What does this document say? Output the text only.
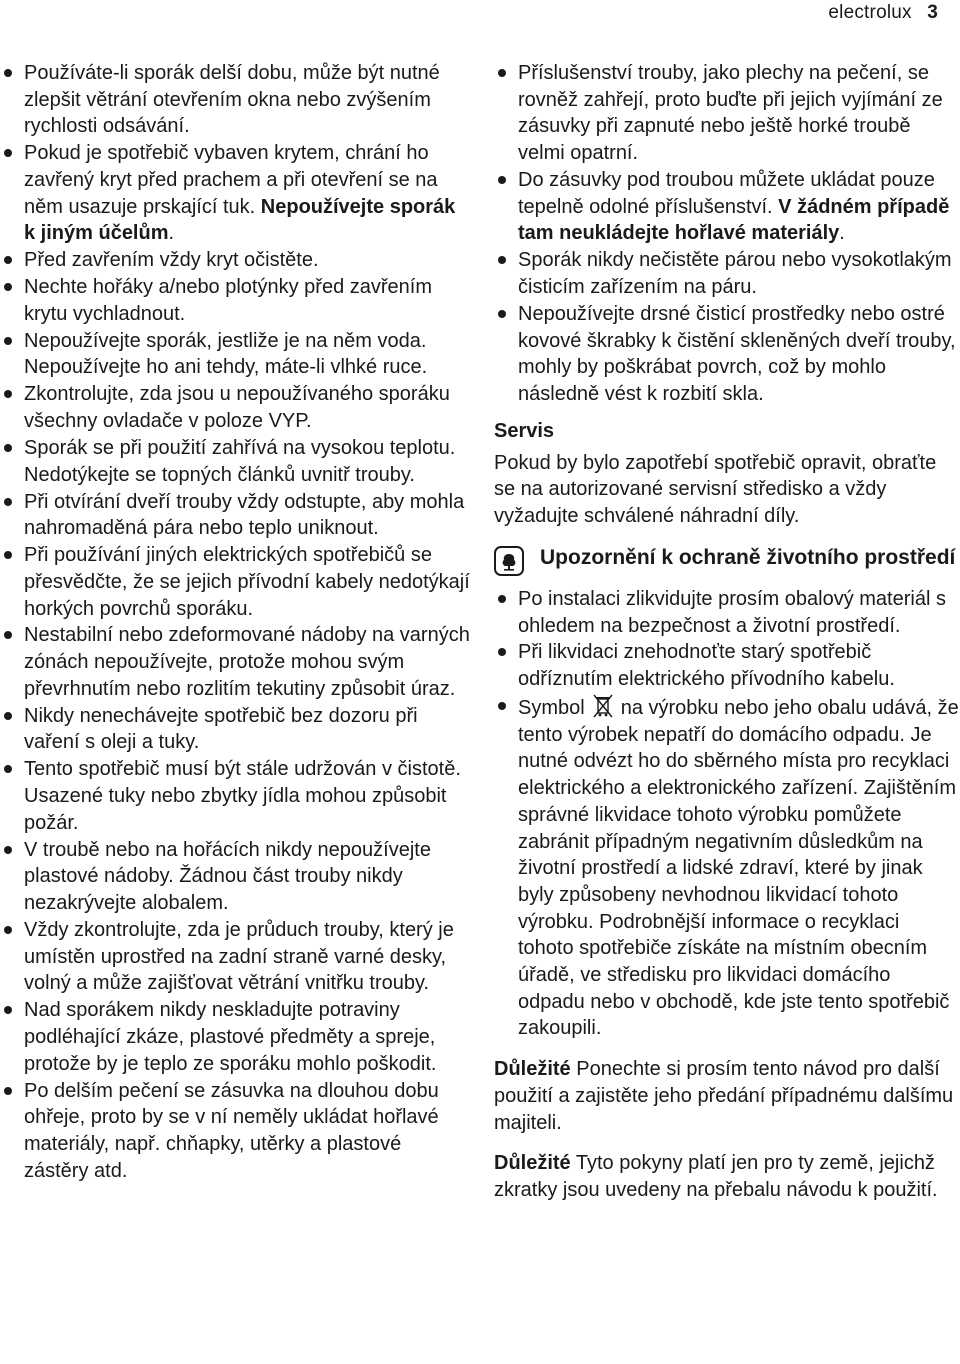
electrolux 3
Používáte-li sporák delší dobu, může být nutné zlepšit větrání otevřením okna nebo zvýšením rychlosti odsávání.
Pokud je spotřebič vybaven krytem, chrání ho zavřený kryt před prachem a při otevření se na něm usazuje prskající tuk. Nepoužívejte sporák k jiným účelům.
Před zavřením vždy kryt očistěte.
Nechte hořáky a/nebo plotýnky před zavřením krytu vychladnout.
Nepoužívejte sporák, jestliže je na něm voda. Nepoužívejte ho ani tehdy, máte-li vlhké ruce.
Zkontrolujte, zda jsou u nepoužívaného sporáku všechny ovladače v poloze VYP.
Sporák se při použití zahřívá na vysokou teplotu. Nedotýkejte se topných článků uvnitř trouby.
Při otvírání dveří trouby vždy odstupte, aby mohla nahromaděná pára nebo teplo uniknout.
Při používání jiných elektrických spotřebičů se přesvědčte, že se jejich přívodní kabely nedotýkají horkých povrchů sporáku.
Nestabilní nebo zdeformované nádoby na varných zónách nepoužívejte, protože mohou svým převrhnutím nebo rozlitím tekutiny způsobit úraz.
Nikdy nenechávejte spotřebič bez dozoru při vaření s oleji a tuky.
Tento spotřebič musí být stále udržován v čistotě. Usazené tuky nebo zbytky jídla mohou způsobit požár.
V troubě nebo na hořácích nikdy nepoužívejte plastové nádoby. Žádnou část trouby nikdy nezakrývejte alobalem.
Vždy zkontrolujte, zda je průduch trouby, který je umístěn uprostřed na zadní straně varné desky, volný a může zajišťovat větrání vnitřku trouby.
Nad sporákem nikdy neskladujte potraviny podléhající zkáze, plastové předměty a spreje, protože by je teplo ze sporáku mohlo poškodit.
Po delším pečení se zásuvka na dlouhou dobu ohřeje, proto by se v ní neměly ukládat hořlavé materiály, např. chňapky, utěrky a plastové zástěry atd.
Příslušenství trouby, jako plechy na pečení, se rovněž zahřejí, proto buďte při jejich vyjímání ze zásuvky při zapnuté nebo ještě horké troubě velmi opatrní.
Do zásuvky pod troubou můžete ukládat pouze tepelně odolné příslušenství. V žádném případě tam neukládejte hořlavé materiály.
Sporák nikdy nečistěte párou nebo vysokotlakým čisticím zařízením na páru.
Nepoužívejte drsné čisticí prostředky nebo ostré kovové škrabky k čistění skleněných dveří trouby, mohly by poškrábat povrch, což by mohlo následně vést k rozbití skla.
Servis

Pokud by bylo zapotřebí spotřebič opravit, obraťte se na autorizované servisní středisko a vždy vyžadujte schválené náhradní díly.

Upozornění k ochraně životního prostředí
Po instalaci zlikvidujte prosím obalový materiál s ohledem na bezpečnost a životní prostředí.
Při likvidaci znehodnoťte starý spotřebič odříznutím elektrického přívodního kabelu.
Symbol na výrobku nebo jeho obalu udává, že tento výrobek nepatří do domácího odpadu. Je nutné odvézt ho do sběrného místa pro recyklaci elektrického a elektronického zařízení. Zajištěním správné likvidace tohoto výrobku pomůžete zabránit případným negativním důsledkům na životní prostředí a lidské zdraví, které by jinak byly způsobeny nevhodnou likvidací tohoto výrobku. Podrobnější informace o recyklaci tohoto spotřebiče získáte na místním obecním úřadě, ve středisku pro likvidaci domácího odpadu nebo v obchodě, kde jste tento spotřebič zakoupili.

Důležité Ponechte si prosím tento návod pro další použití a zajistěte jeho předání případnému dalšímu majiteli.

Důležité Tyto pokyny platí jen pro ty země, jejichž zkratky jsou uvedeny na přebalu návodu k použití.
